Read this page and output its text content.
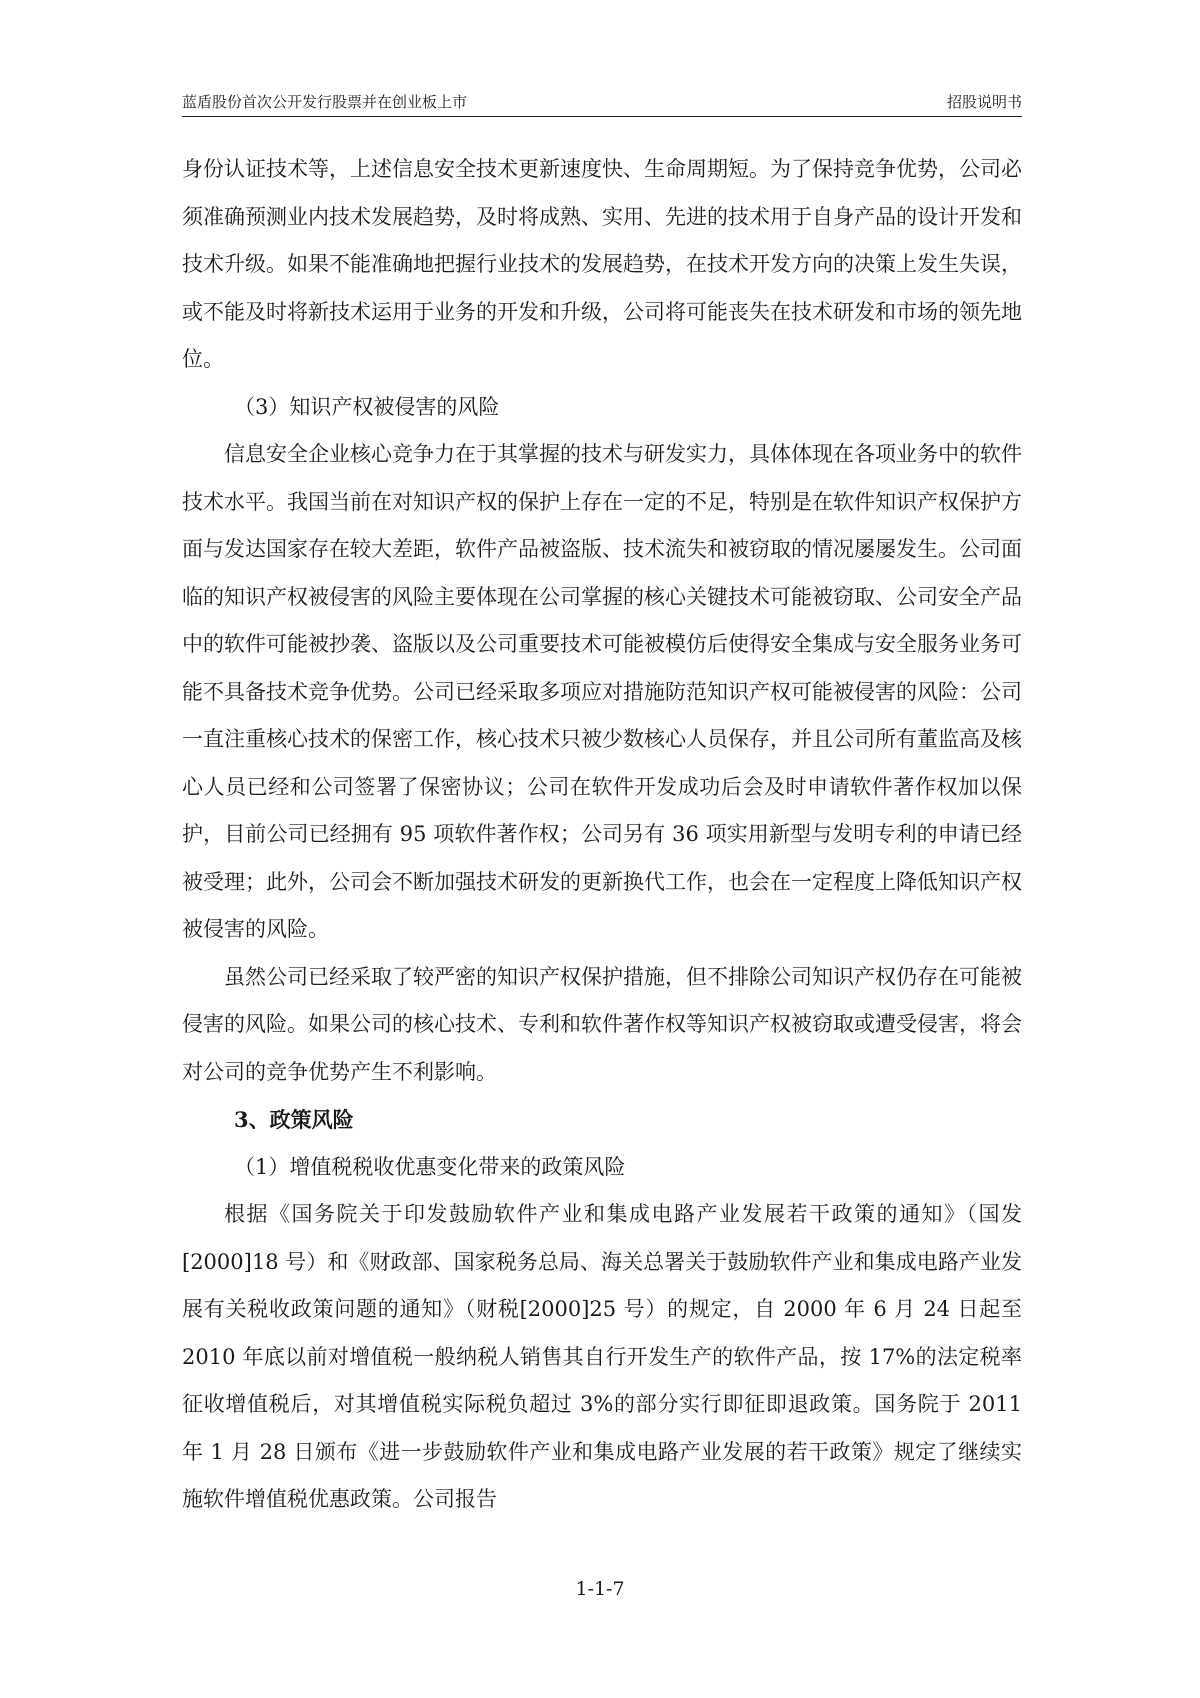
蓝盾股份首次公开发行股票并在创业板上市	招股说明书

身份认证技术等，上述信息安全技术更新速度快、生命周期短。为了保持竞争优势，公司必须准确预测业内技术发展趋势，及时将成熟、实用、先进的技术用于自身产品的设计开发和技术升级。如果不能准确地把握行业技术的发展趋势，在技术开发方向的决策上发生失误，或不能及时将新技术运用于业务的开发和升级，公司将可能丧失在技术研发和市场的领先地位。

（3）知识产权被侵害的风险

信息安全企业核心竞争力在于其掌握的技术与研发实力，具体体现在各项业务中的软件技术水平。我国当前在对知识产权的保护上存在一定的不足，特别是在软件知识产权保护方面与发达国家存在较大差距，软件产品被盗版、技术流失和被窃取的情况屡屡发生。公司面临的知识产权被侵害的风险主要体现在公司掌握的核心关键技术可能被窃取、公司安全产品中的软件可能被抄袭、盗版以及公司重要技术可能被模仿后使得安全集成与安全服务业务可能不具备技术竞争优势。公司已经采取多项应对措施防范知识产权可能被侵害的风险：公司一直注重核心技术的保密工作，核心技术只被少数核心人员保存，并且公司所有董监高及核心人员已经和公司签署了保密协议；公司在软件开发成功后会及时申请软件著作权加以保护，目前公司已经拥有 95 项软件著作权；公司另有 36 项实用新型与发明专利的申请已经被受理；此外，公司会不断加强技术研发的更新换代工作，也会在一定程度上降低知识产权被侵害的风险。

虽然公司已经采取了较严密的知识产权保护措施，但不排除公司知识产权仍存在可能被侵害的风险。如果公司的核心技术、专利和软件著作权等知识产权被窃取或遭受侵害，将会对公司的竞争优势产生不利影响。

3、政策风险
（1）增值税税收优惠变化带来的政策风险

根据《国务院关于印发鼓励软件产业和集成电路产业发展若干政策的通知》（国发[2000]18 号）和《财政部、国家税务总局、海关总署关于鼓励软件产业和集成电路产业发展有关税收政策问题的通知》（财税[2000]25 号）的规定，自 2000 年 6 月 24 日起至 2010 年底以前对增值税一般纳税人销售其自行开发生产的软件产品，按 17%的法定税率征收增值税后，对其增值税实际税负超过 3%的部分实行即征即退政策。国务院于 2011 年 1 月 28 日颁布《进一步鼓励软件产业和集成电路产业发展的若干政策》规定了继续实施软件增值税优惠政策。公司报告

1-1-7
